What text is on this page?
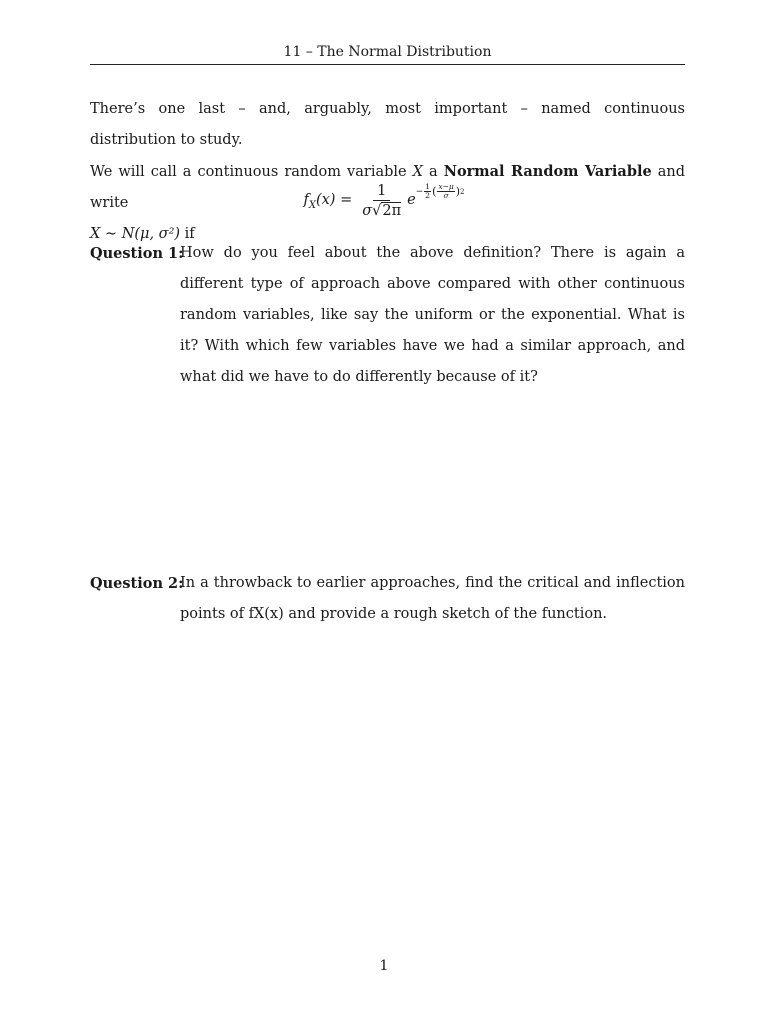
11 – The Normal Distribution

There’s one last – and, arguably, most important – named continuous distribution to study.

We will call a continuous random variable X a Normal Random Variable and write

X ∼ N(μ, σ²) if

$f_X(x) = \frac{1}{\sigma√2\pi} e- \frac{1}{2}$ ( $\frac{x-\mu}{\sigma}$ ) 2
Question 1:
How do you feel about the above definition? There is again a different type of approach above compared with other continuous random variables, like say the uniform or the exponential. What is it? With which few variables have we had a similar approach, and what did we have to do differently because of it?
Question 2:
In a throwback to earlier approaches, find the critical and inflection points of fX(x) and provide a rough sketch of the function.
1
